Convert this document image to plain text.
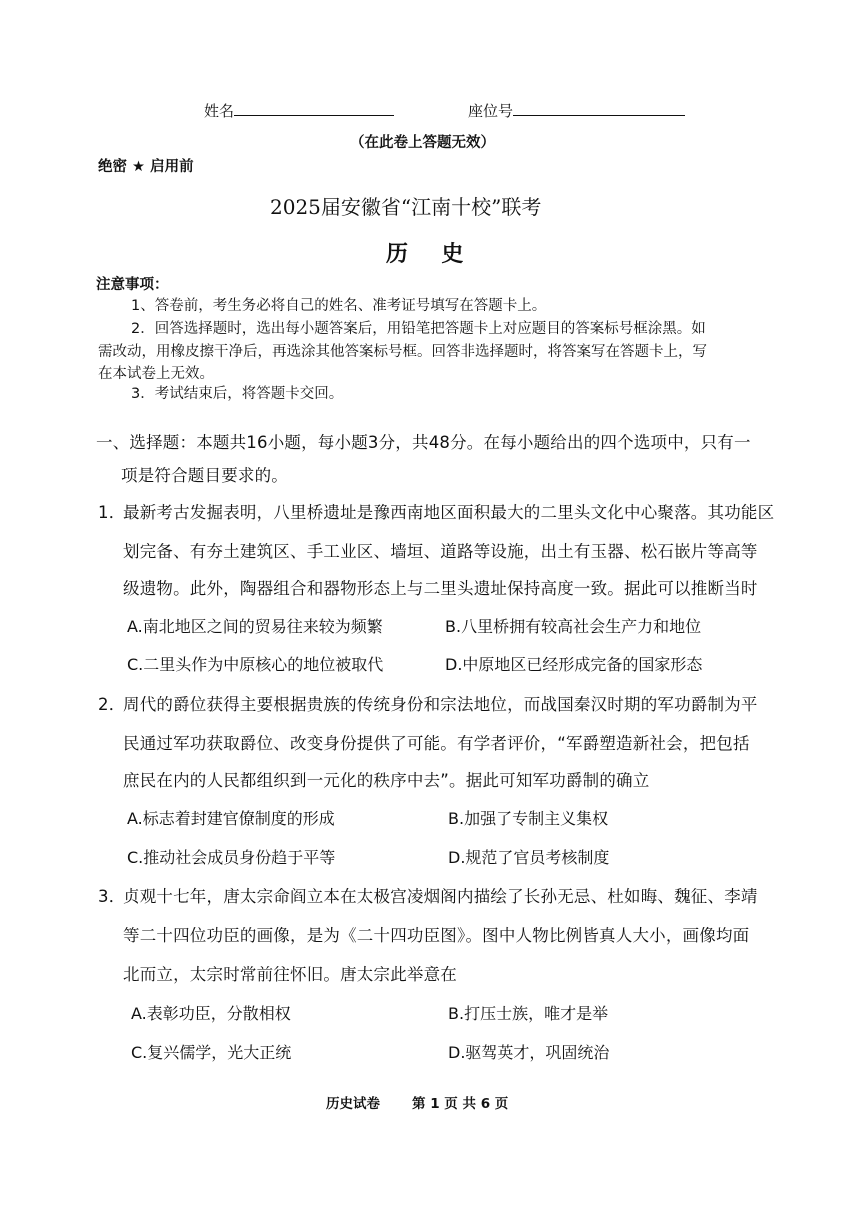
姓名	座位号
（在此卷上答题无效）
绝密 ★ 启用前
2025届安徽省“江南十校”联考
历  史
注意事项：
1、答卷前，考生务必将自己的姓名、准考证号填写在答题卡上。
2．回答选择题时，选出每小题答案后，用铅笔把答题卡上对应题目的答案标号框涂黑。如
需改动，用橡皮擦干净后，再选涂其他答案标号框。回答非选择题时，将答案写在答题卡上，写
在本试卷上无效。
3．考试结束后，将答题卡交回。
一、选择题：本题共16小题，每小题3分，共48分。在每小题给出的四个选项中，只有一
项是符合题目要求的。
1．
最新考古发掘表明，八里桥遗址是豫西南地区面积最大的二里头文化中心聚落。其功能区
划完备、有夯土建筑区、手工业区、墙垣、道路等设施，出土有玉器、松石嵌片等高等
级遗物。此外，陶器组合和器物形态上与二里头遗址保持高度一致。据此可以推断当时
A.南北地区之间的贸易往来较为频繁	B.八里桥拥有较高社会生产力和地位
C.二里头作为中原核心的地位被取代	D.中原地区已经形成完备的国家形态
2．
周代的爵位获得主要根据贵族的传统身份和宗法地位，而战国秦汉时期的军功爵制为平
民通过军功获取爵位、改变身份提供了可能。有学者评价，“军爵塑造新社会，把包括
庶民在内的人民都组织到一元化的秩序中去”。据此可知军功爵制的确立
A.标志着封建官僚制度的形成	B.加强了专制主义集权
C.推动社会成员身份趋于平等	D.规范了官员考核制度
3．
贞观十七年，唐太宗命阎立本在太极宫凌烟阁内描绘了长孙无忌、杜如晦、魏征、李靖
等二十四位功臣的画像，是为《二十四功臣图》。图中人物比例皆真人大小，画像均面
北而立，太宗时常前往怀旧。唐太宗此举意在
A.表彰功臣，分散相权	B.打压士族，唯才是举
C.复兴儒学，光大正统	D.驱驾英才，巩固统治
历史试卷 第 1 页 共 6 页
